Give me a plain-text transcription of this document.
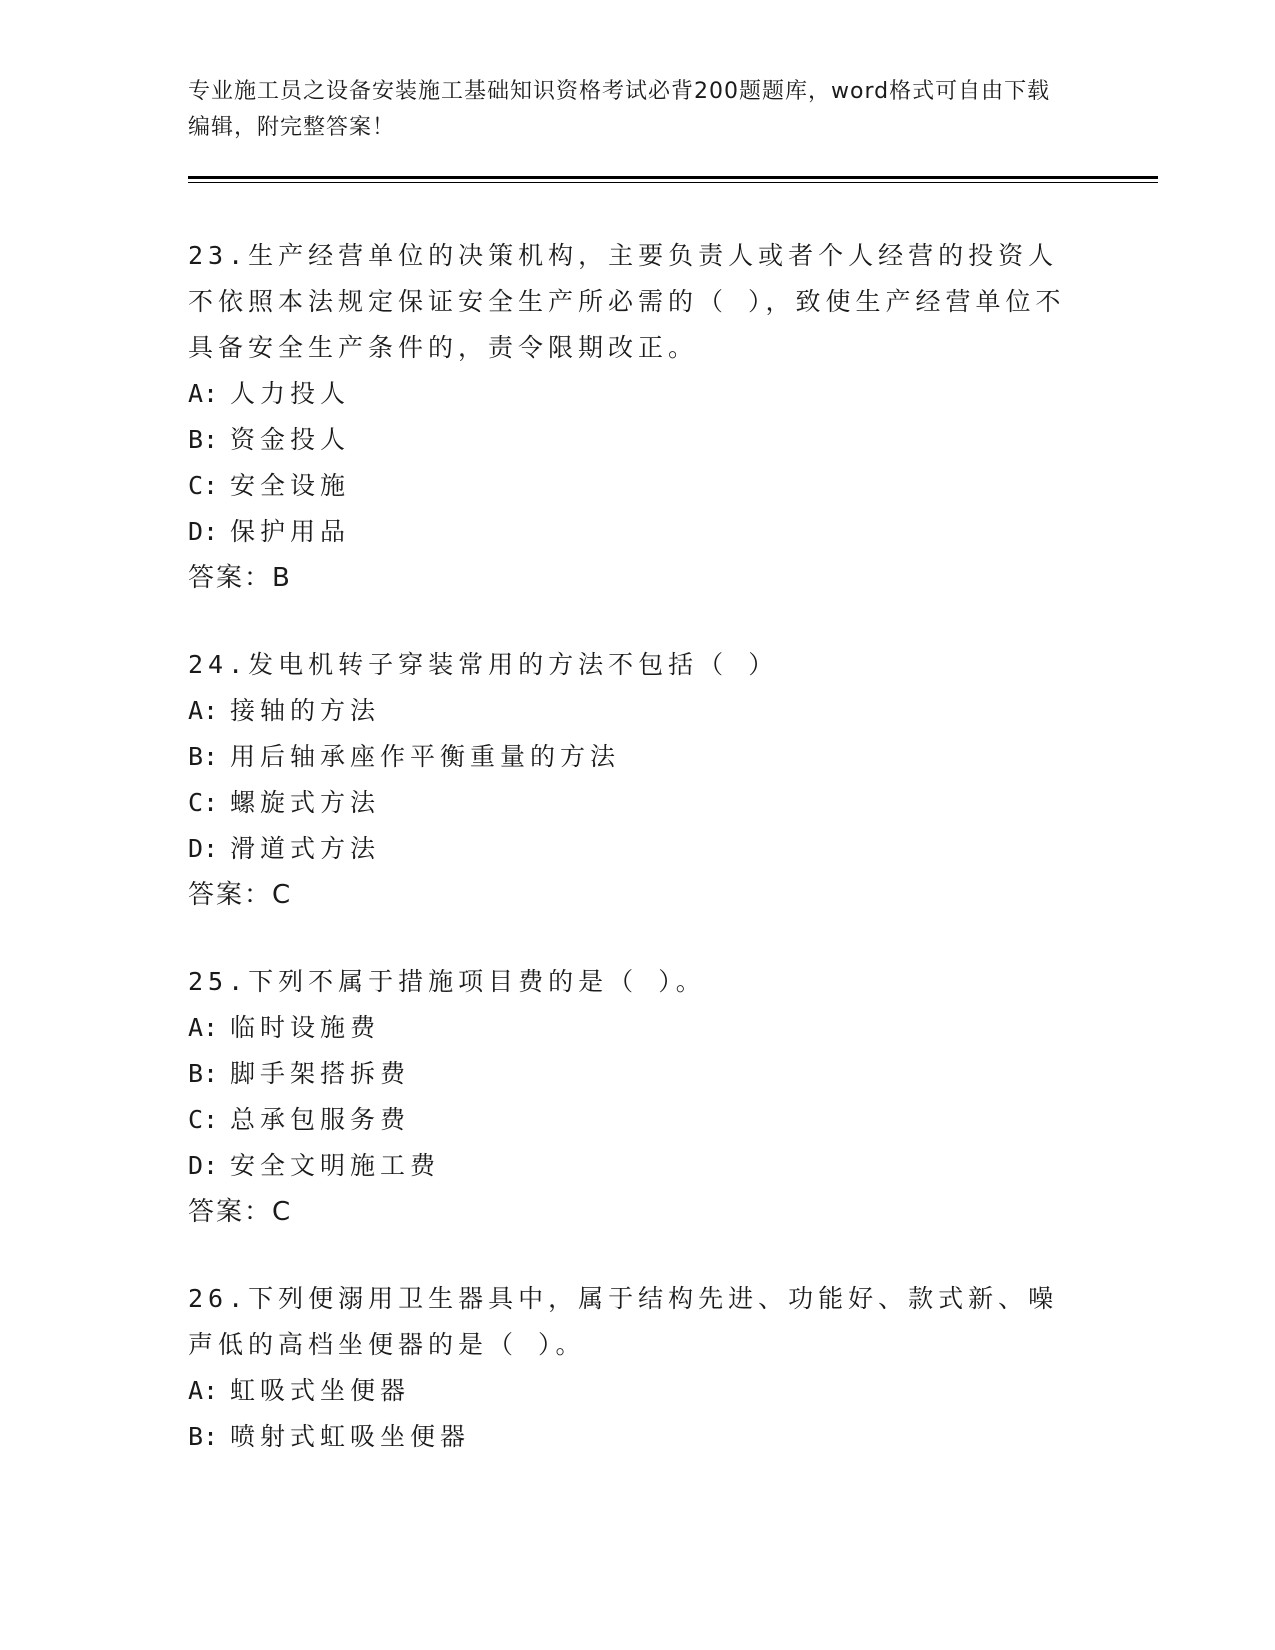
专业施工员之设备安装施工基础知识资格考试必背200题题库，word格式可自由下载编辑，附完整答案！
23.生产经营单位的决策机构，主要负责人或者个人经营的投资人不依照本法规定保证安全生产所必需的（ ），致使生产经营单位不具备安全生产条件的，责令限期改正。
A: 人力投人
B: 资金投人
C: 安全设施
D: 保护用品
答案：B
24.发电机转子穿装常用的方法不包括（ ）
A: 接轴的方法
B: 用后轴承座作平衡重量的方法
C: 螺旋式方法
D: 滑道式方法
答案：C
25.下列不属于措施项目费的是（ ）。
A: 临时设施费
B: 脚手架搭拆费
C: 总承包服务费
D: 安全文明施工费
答案：C
26.下列便溺用卫生器具中，属于结构先进、功能好、款式新、噪声低的高档坐便器的是（ ）。
A: 虹吸式坐便器
B: 喷射式虹吸坐便器
